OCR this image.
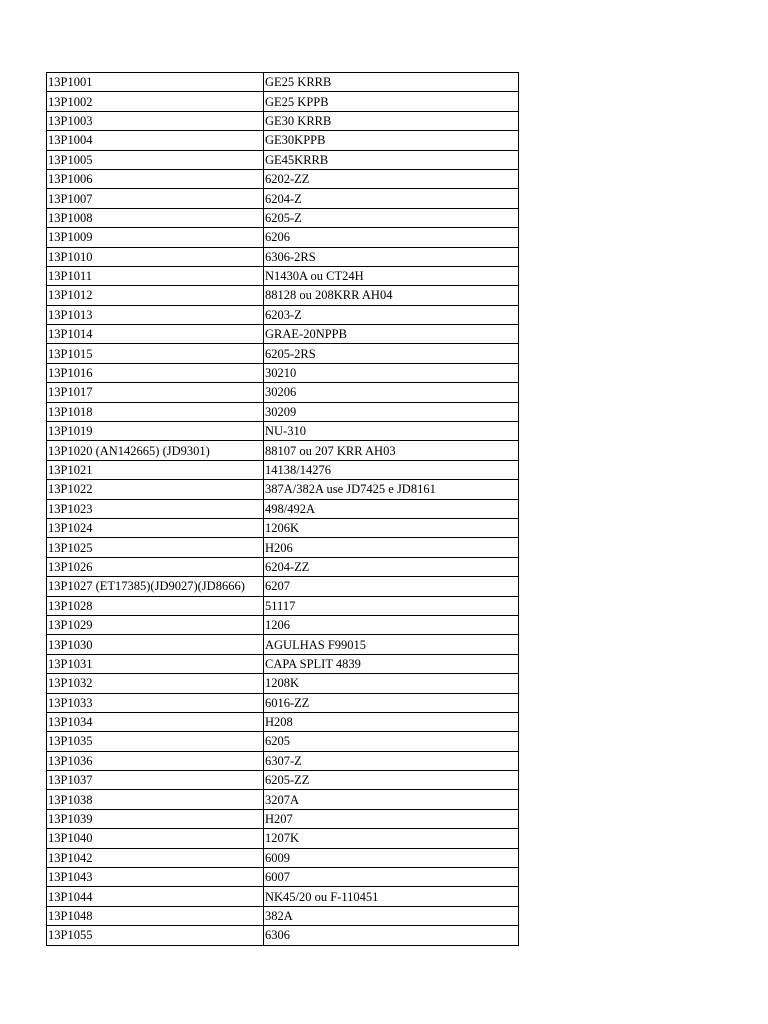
13P1001	GE25 KRRB
13P1002	GE25 KPPB
13P1003	GE30 KRRB
13P1004	GE30KPPB
13P1005	GE45KRRB
13P1006	6202-ZZ
13P1007	6204-Z
13P1008	6205-Z
13P1009	6206
13P1010	6306-2RS
13P1011	N1430A ou CT24H
13P1012	88128 ou 208KRR AH04
13P1013	6203-Z
13P1014	GRAE-20NPPB
13P1015	6205-2RS
13P1016	30210
13P1017	30206
13P1018	30209
13P1019	NU-310
13P1020 (AN142665) (JD9301)	88107 ou 207 KRR AH03
13P1021	14138/14276
13P1022	387A/382A use JD7425 e JD8161
13P1023	498/492A
13P1024	1206K
13P1025	H206
13P1026	6204-ZZ
13P1027 (ET17385)(JD9027)(JD8666)	6207
13P1028	51117
13P1029	1206
13P1030	AGULHAS F99015
13P1031	CAPA SPLIT 4839
13P1032	1208K
13P1033	6016-ZZ
13P1034	H208
13P1035	6205
13P1036	6307-Z
13P1037	6205-ZZ
13P1038	3207A
13P1039	H207
13P1040	1207K
13P1042	6009
13P1043	6007
13P1044	NK45/20 ou F-110451
13P1048	382A
13P1055	6306
